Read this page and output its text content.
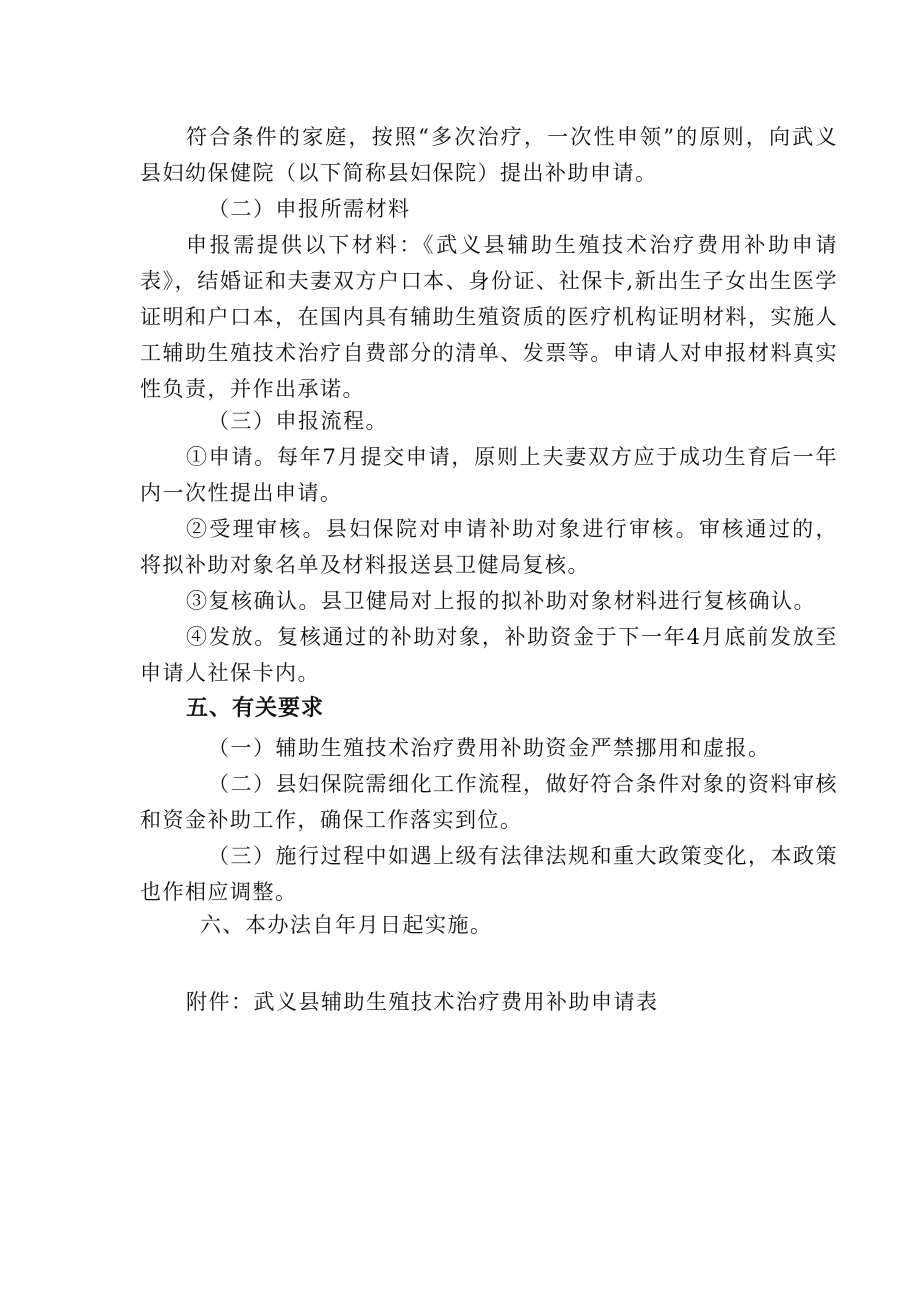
符合条件的家庭，按照“多次治疗，一次性申领”的原则，向武义县妇幼保健院（以下简称县妇保院）提出补助申请。

（二）申报所需材料

申报需提供以下材料：《武义县辅助生殖技术治疗费用补助申请表》，结婚证和夫妻双方户口本、身份证、社保卡,新出生子女出生医学证明和户口本，在国内具有辅助生殖资质的医疗机构证明材料，实施人工辅助生殖技术治疗自费部分的清单、发票等。申请人对申报材料真实性负责，并作出承诺。

（三）申报流程。

①申请。每年7月提交申请，原则上夫妻双方应于成功生育后一年内一次性提出申请。

②受理审核。县妇保院对申请补助对象进行审核。审核通过的，将拟补助对象名单及材料报送县卫健局复核。

③复核确认。县卫健局对上报的拟补助对象材料进行复核确认。

④发放。复核通过的补助对象，补助资金于下一年4月底前发放至申请人社保卡内。

五、有关要求

（一）辅助生殖技术治疗费用补助资金严禁挪用和虚报。

（二）县妇保院需细化工作流程，做好符合条件对象的资料审核和资金补助工作，确保工作落实到位。

（三）施行过程中如遇上级有法律法规和重大政策变化，本政策也作相应调整。

六、本办法自年月日起实施。

附件：武义县辅助生殖技术治疗费用补助申请表
